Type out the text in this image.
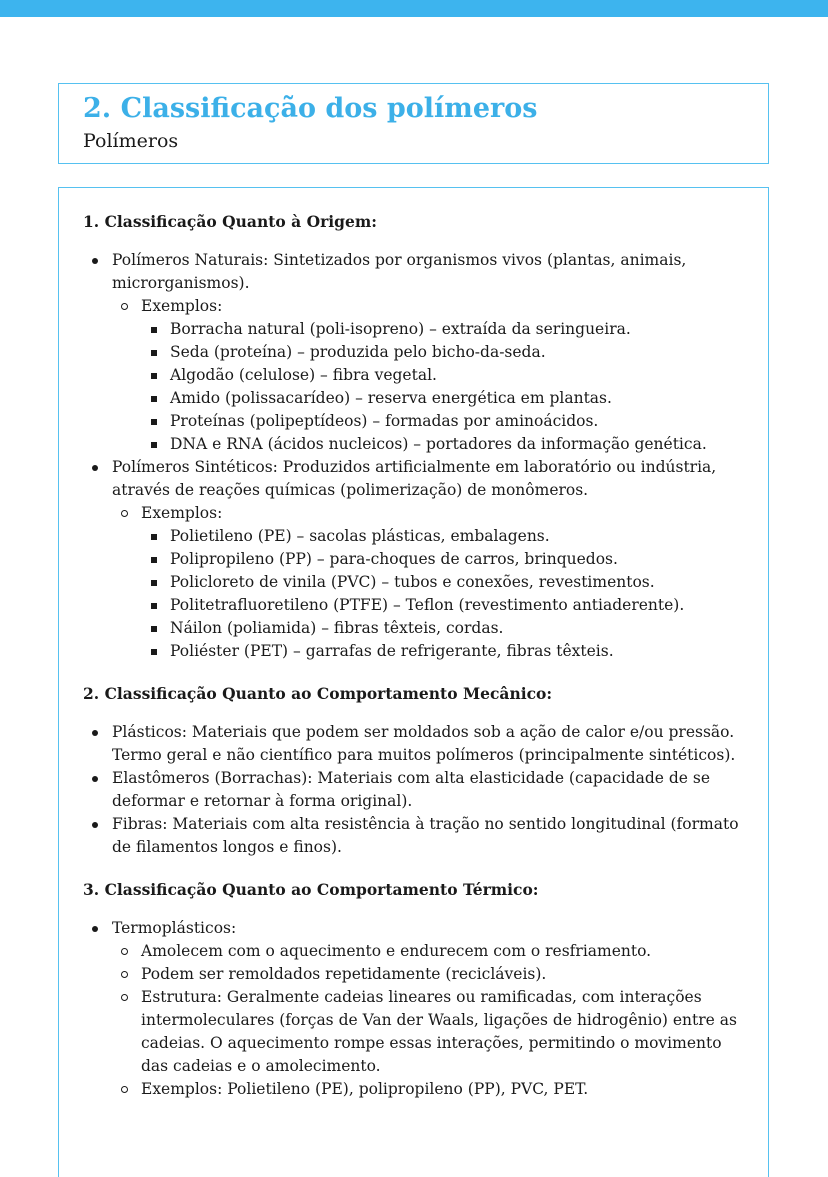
2. Classificação dos polímeros
Polímeros
1. Classificação Quanto à Origem:
Polímeros Naturais: Sintetizados por organismos vivos (plantas, animais, microrganismos).
Exemplos:
Borracha natural (poli-isopreno) – extraída da seringueira.
Seda (proteína) – produzida pelo bicho-da-seda.
Algodão (celulose) – fibra vegetal.
Amido (polissacarídeo) – reserva energética em plantas.
Proteínas (polipeptídeos) – formadas por aminoácidos.
DNA e RNA (ácidos nucleicos) – portadores da informação genética.
Polímeros Sintéticos: Produzidos artificialmente em laboratório ou indústria, através de reações químicas (polimerização) de monômeros.
Exemplos:
Polietileno (PE) – sacolas plásticas, embalagens.
Polipropileno (PP) – para-choques de carros, brinquedos.
Policloreto de vinila (PVC) – tubos e conexões, revestimentos.
Politetrafluoretileno (PTFE) – Teflon (revestimento antiaderente).
Náilon (poliamida) – fibras têxteis, cordas.
Poliéster (PET) – garrafas de refrigerante, fibras têxteis.
2. Classificação Quanto ao Comportamento Mecânico:
Plásticos: Materiais que podem ser moldados sob a ação de calor e/ou pressão. Termo geral e não científico para muitos polímeros (principalmente sintéticos).
Elastômeros (Borrachas): Materiais com alta elasticidade (capacidade de se deformar e retornar à forma original).
Fibras: Materiais com alta resistência à tração no sentido longitudinal (formato de filamentos longos e finos).
3. Classificação Quanto ao Comportamento Térmico:
Termoplásticos:
Amolecem com o aquecimento e endurecem com o resfriamento.
Podem ser remoldados repetidamente (recicláveis).
Estrutura: Geralmente cadeias lineares ou ramificadas, com interações intermoleculares (forças de Van der Waals, ligações de hidrogênio) entre as cadeias. O aquecimento rompe essas interações, permitindo o movimento das cadeias e o amolecimento.
Exemplos: Polietileno (PE), polipropileno (PP), PVC, PET.
